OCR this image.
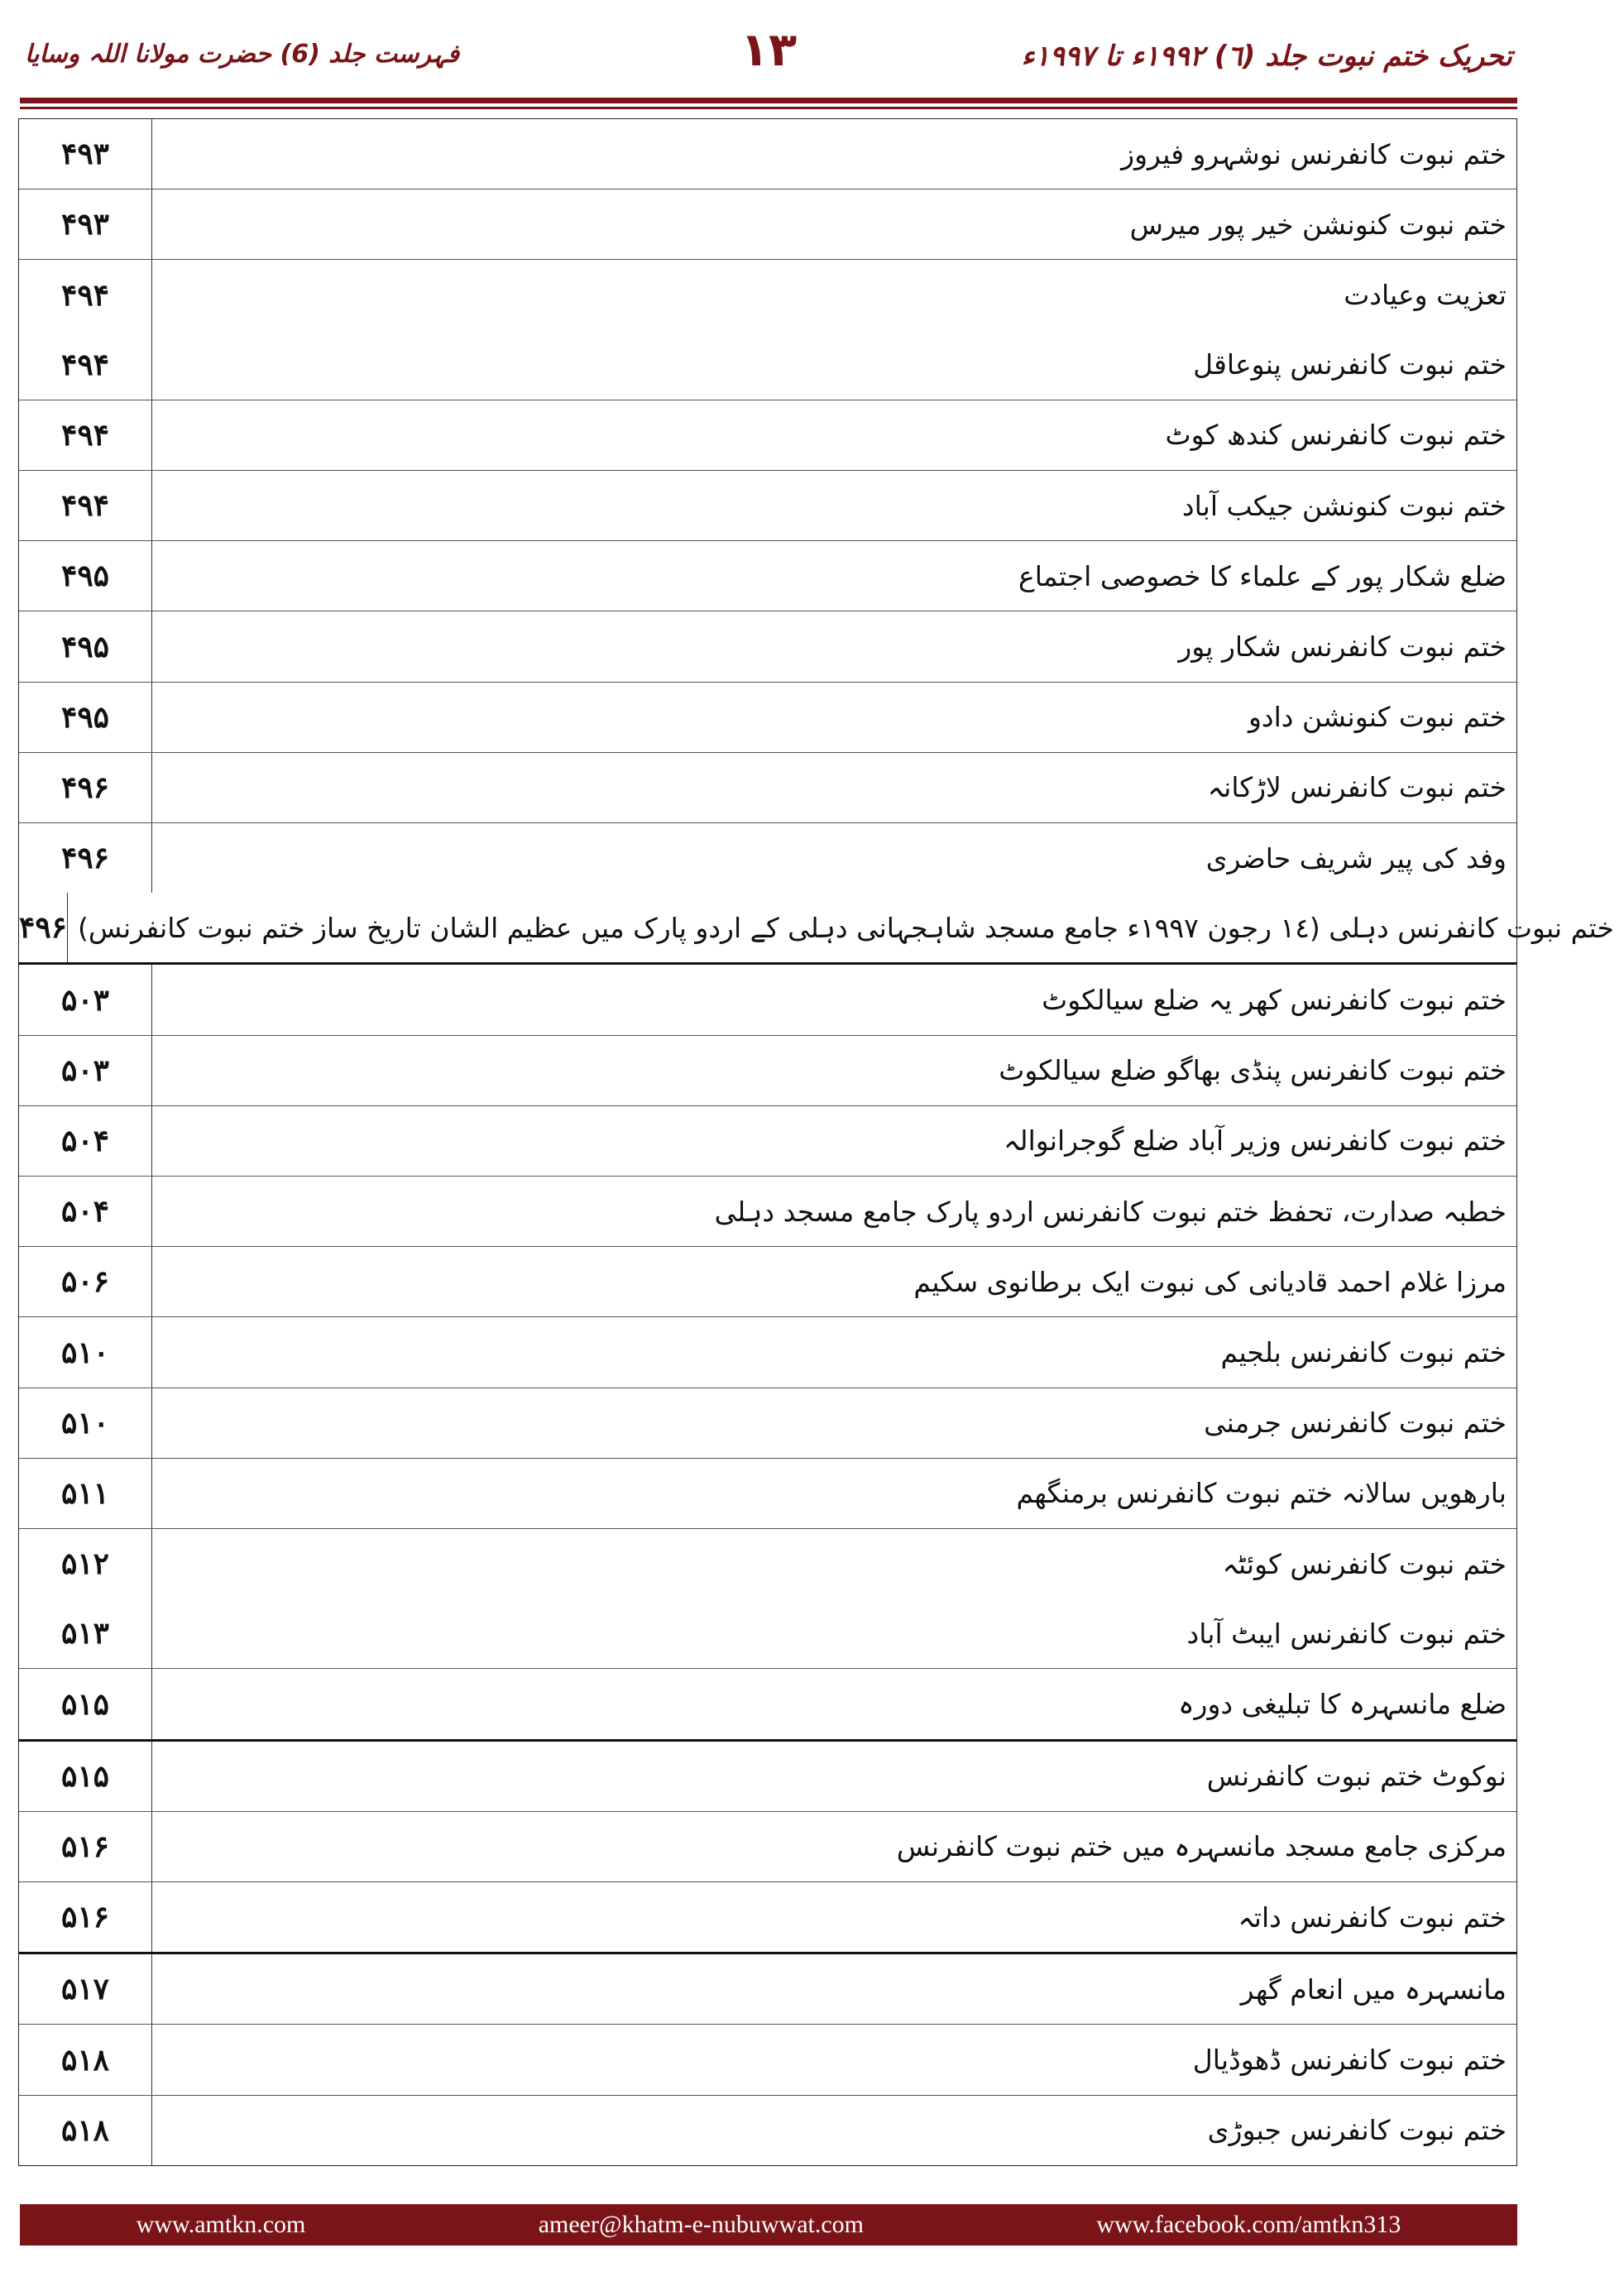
تحریک ختم نبوت جلد (٦) ١٩٩٢ء تا ١٩٩٧ء
١٣
فہرست جلد (6) حضرت مولانا اللہ وسایا
۴۹۳	ختم نبوت کانفرنس نوشہرو فیروز
۴۹۳	ختم نبوت کنونشن خیر پور میرس
۴۹۴	تعزیت وعیادت
۴۹۴	ختم نبوت کانفرنس پنوعاقل
۴۹۴	ختم نبوت کانفرنس کندھ کوٹ
۴۹۴	ختم نبوت کنونشن جیکب آباد
۴۹۵	ضلع شکار پور کے علماء کا خصوصی اجتماع
۴۹۵	ختم نبوت کانفرنس شکار پور
۴۹۵	ختم نبوت کنونشن دادو
۴۹۶	ختم نبوت کانفرنس لاڑکانہ
۴۹۶	وفد کی پیر شریف حاضری
۴۹۶ ختم نبوت کانفرنس دہلی (١٤ رجون ١٩٩٧ء جامع مسجد شاہجہانی دہلی کے اردو پارک میں عظیم الشان تاریخ ساز ختم نبوت کانفرنس)
۵۰۳	ختم نبوت کانفرنس کھر یہ ضلع سیالکوٹ
۵۰۳	ختم نبوت کانفرنس پنڈی بھاگو ضلع سیالکوٹ
۵۰۴	ختم نبوت کانفرنس وزیر آباد ضلع گوجرانوالہ
۵۰۴	خطبہ صدارت، تحفظ ختم نبوت کانفرنس اردو پارک جامع مسجد دہلی
۵۰۶	مرزا غلام احمد قادیانی کی نبوت ایک برطانوی سکیم
۵۱۰	ختم نبوت کانفرنس بلجیم
۵۱۰	ختم نبوت کانفرنس جرمنی
۵۱۱	بارھویں سالانہ ختم نبوت کانفرنس برمنگھم
۵۱۲	ختم نبوت کانفرنس کوئٹہ
۵۱۳	ختم نبوت کانفرنس ایبٹ آباد
۵۱۵	ضلع مانسہرہ کا تبلیغی دورہ
۵۱۵	نوکوٹ ختم نبوت کانفرنس
۵۱۶	مرکزی جامع مسجد مانسہرہ میں ختم نبوت کانفرنس
۵۱۶	ختم نبوت کانفرنس داتہ
۵۱۷	مانسہرہ میں انعام گھر
۵۱۸	ختم نبوت کانفرنس ڈھوڈیال
۵۱۸	ختم نبوت کانفرنس جبوڑی
www.amtkn.com	ameer@khatm-e-nubuwwat.com	www.facebook.com/amtkn313
